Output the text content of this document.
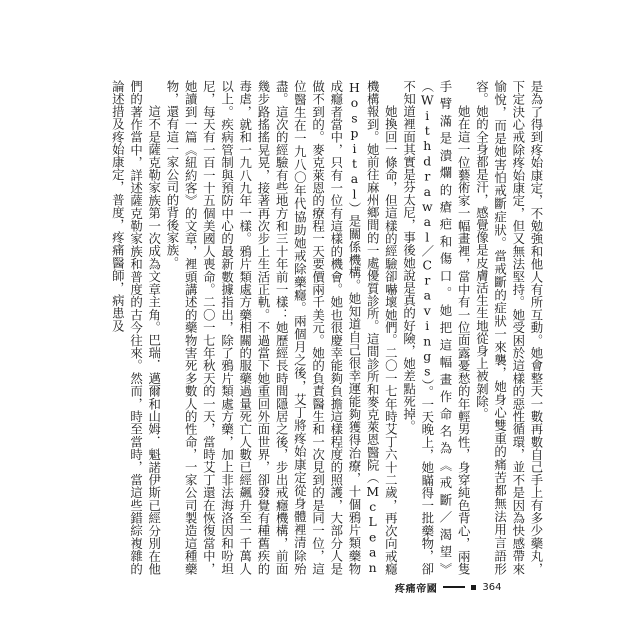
是為了得到疼始康定，不勉強和他人有所互動。她會整天一數再數自己手上有多少藥丸，下定決心戒除疼始康定，但又無法堅持。她受困於這樣的惡性循環，並不是因為快感帶來愉悅，而是她害怕戒斷症狀。當戒斷的症狀一來襲，她身心雙重的痛苦都無法用言語形容。她的全身都是汗，感覺像是皮膚活生生地從身上被剝除。

她在這一位藝術家一幅畫裡，當中有一位面露憂愁的年輕男性，身穿純色背心，兩隻手臂滿是潰爛的瘡疤和傷口。她把這幅畫作命名為《戒斷／渴望》（Withdrawal／Cravings）。一天晚上，她瞞得一批藥物，卻不知道裡面其實是芬太尼，事後她說是真的好險，她差點死掉。

她換回一條命，但這樣的經驗卻嚇壞她們。二〇一七年時艾丁六十二歲，再次向戒癮機構報到。她前往麻州鄉間的一處優質診所。這間診所和麥克萊恩醫院（McLean Hospital）是關係機構。她知道自己很幸運能夠獲得治療，十個鴉片類藥物成癮者當中，只有一位有這樣的機會。她也很慶幸能夠負擔這樣程度的照護，大部分人是做不到的。麥克萊恩的療程一天要價兩千美元。她的負責醫生和一次見到的是同一位，這位醫生在一九八〇年代協助她戒除藥癮。兩個月之後，艾丁將疼始康定從身體裡清除殆盡。這次的經驗有些地方和三十年前一樣：她歷經長時間隱居之後，步出戒癮機構，前面幾步路搖搖晃晃，接著再次步上生活正軌。不過當下她重回外面世界，卻發覺有種舊疾的毒虐，就和一九八九年一樣。鴉片類處方藥相關的服藥過量死亡人數已經飆升至一千萬人以上。疾病管制與預防中心的最新數據指出，除了鴉片類處方藥，加上非法海洛因和吩坦尼，每天有一百一十五個美國人喪命。二〇一七年秋天的一天，當時艾丁還在恢復當中，她讀到一篇《紐約客》的文章，裡頭講述的藥物害死多數人的性命，一家公司製造這種藥物，還有這一家公司的背後家族。

這不是薩克勒家族第一次成為文章主角。巴瑞．邁爾和山姆．魁諾伊斯已經分別在他們的著作當中，詳述薩克勒家族和普度的古今往來。然而，時至當時，當這些錯綜複雜的論述措及疼始康定，普度，疼痛醫師，病患及

疼痛帝國	364
